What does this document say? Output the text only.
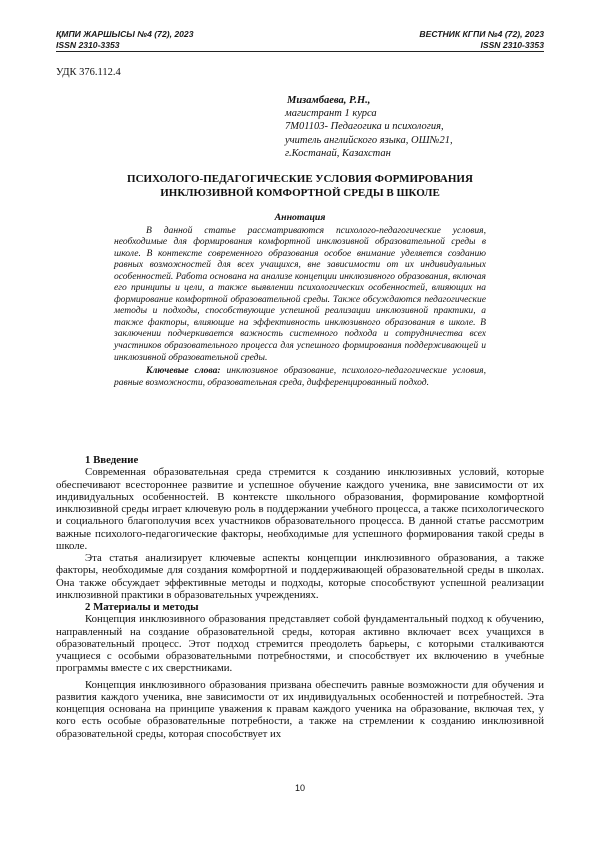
ҚМПИ ЖАРШЫСЫ №4 (72), 2023
ISSN 2310-3353
ВЕСТНИК КГПИ №4 (72), 2023
ISSN 2310-3353
УДК 376.112.4
Мизамбаева, Р.Н.,
магистрант 1 курса
7М01103- Педагогика и психология,
учитель английского языка, ОШ№21,
г.Костанай, Казахстан
ПСИХОЛОГО-ПЕДАГОГИЧЕСКИЕ УСЛОВИЯ ФОРМИРОВАНИЯ
ИНКЛЮЗИВНОЙ КОМФОРТНОЙ СРЕДЫ В ШКОЛЕ
Аннотация

В данной статье рассматриваются психолого-педагогические условия, необходимые для формирования комфортной инклюзивной образовательной среды в школе. В контексте современного образования особое внимание уделяется созданию равных возможностей для всех учащихся, вне зависимости от их индивидуальных особенностей. Работа основана на анализе концепции инклюзивного образования, включая его принципы и цели, а также выявлении психологических особенностей, влияющих на формирование комфортной образовательной среды. Также обсуждаются педагогические методы и подходы, способствующие успешной реализации инклюзивной практики, а также факторы, влияющие на эффективность инклюзивного образования в школе. В заключении подчеркивается важность системного подхода и сотрудничества всех участников образовательного процесса для успешного формирования поддерживающей и инклюзивной образовательной среды.

Ключевые слова: инклюзивное образование, психолого-педагогические условия, равные возможности, образовательная среда, дифференцированный подход.

1 Введение

Современная образовательная среда стремится к созданию инклюзивных условий, которые обеспечивают всестороннее развитие и успешное обучение каждого ученика, вне зависимости от их индивидуальных особенностей. В контексте школьного образования, формирование комфортной инклюзивной среды играет ключевую роль в поддержании учебного процесса, а также психологического и социального благополучия всех участников образовательного процесса. В данной статье рассмотрим важные психолого-педагогические факторы, необходимые для успешного формирования такой среды в школе.

Эта статья анализирует ключевые аспекты концепции инклюзивного образования, а также факторы, необходимые для создания комфортной и поддерживающей образовательной среды в школах. Она также обсуждает эффективные методы и подходы, которые способствуют успешной реализации инклюзивной практики в образовательных учреждениях.

2 Материалы и методы

Концепция инклюзивного образования представляет собой фундаментальный подход к обучению, направленный на создание образовательной среды, которая активно включает всех учащихся в образовательный процесс. Этот подход стремится преодолеть барьеры, с которыми сталкиваются учащиеся с особыми образовательными потребностями, и способствует их включению в учебные программы вместе с их сверстниками.

Концепция инклюзивного образования призвана обеспечить равные возможности для обучения и развития каждого ученика, вне зависимости от их индивидуальных особенностей и потребностей. Эта концепция основана на принципе уважения к правам каждого ученика на образование, включая тех, у кого есть особые образовательные потребности, а также на стремлении к созданию инклюзивной образовательной среды, которая способствует их

10
